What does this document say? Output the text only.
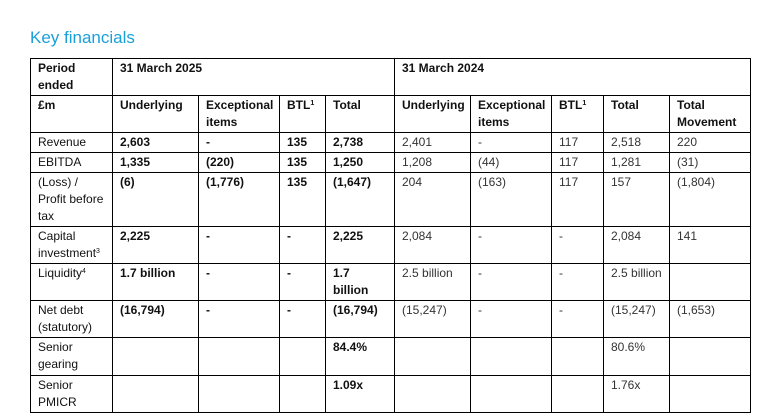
Key financials
Period ended	31 March 2025				31 March 2024				
£m	Underlying	Exceptional items	BTL$^1$	Total	Underlying	Exceptional items	BTL$^1$	Total	Total Movement
Revenue	2,603	-	135	2,738	2,401	-	117	2,518	220
EBITDA	1,335	(220)	135	1,250	1,208	(44)	117	1,281	(31)
(Loss) / Profit before tax	(6)	(1,776)	135	(1,647)	204	(163)	117	157	(1,804)
Capital investment$^3$	2,225	-	-	2,225	2,084	-	-	2,084	141
Liquidity$^4$	1.7 billion	-	-	1.7 billion	2.5 billion	-	-	2.5 billion	
Net debt (statutory)	(16,794)	-	-	(16,794)	(15,247)	-	-	(15,247)	(1,653)
Senior gearing				84.4%				80.6%	
Senior PMICR				1.09x				1.76x	
